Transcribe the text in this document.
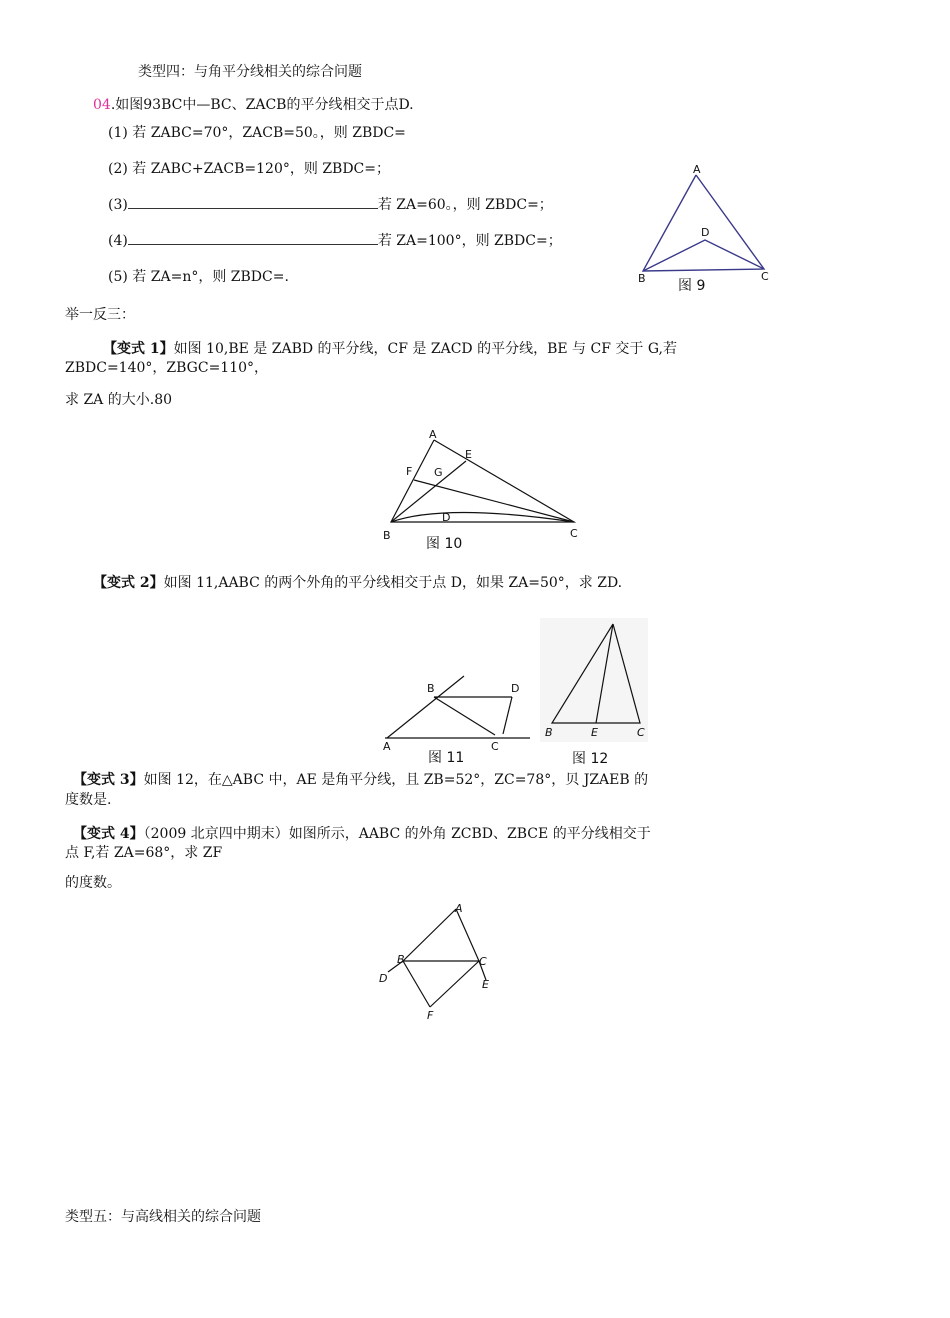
类型四：与角平分线相关的综合问题
04.如图93BC中—BC、ZACB的平分线相交于点D.
(1) 若 ZABC=70°，ZACB=50。，则 ZBDC=
(2) 若 ZABC+ZACB=120°，则 ZBDC=；
(3)	若 ZA=60。，则 ZBDC=；
(4)	若 ZA=100°，则 ZBDC=；
(5) 若 ZA=n°，则 ZBDC=.
A
D
B	C
图 9
举一反三：
【变式 1】如图 10,BE 是 ZABD 的平分线，CF 是 ZACD 的平分线，BE 与 CF 交于 G,若
ZBDC=140°，ZBGC=110°，
求 ZA 的大小.80
A
E
F G
D
B	C
图 10
【变式 2】如图 11,AABC 的两个外角的平分线相交于点 D，如果 ZA=50°，求 ZD.
B	D
A	C
图 11
B	E	C
图 12
【变式 3】如图 12，在△ABC 中，AE 是角平分线，且 ZB=52°，ZC=78°，贝 JZAEB 的
度数是.
【变式 4】（2009 北京四中期末）如图所示，AABC 的外角 ZCBD、ZBCE 的平分线相交于
点 F,若 ZA=68°，求 ZF
的度数。
A
B	C
D	E
F
类型五：与高线相关的综合问题
